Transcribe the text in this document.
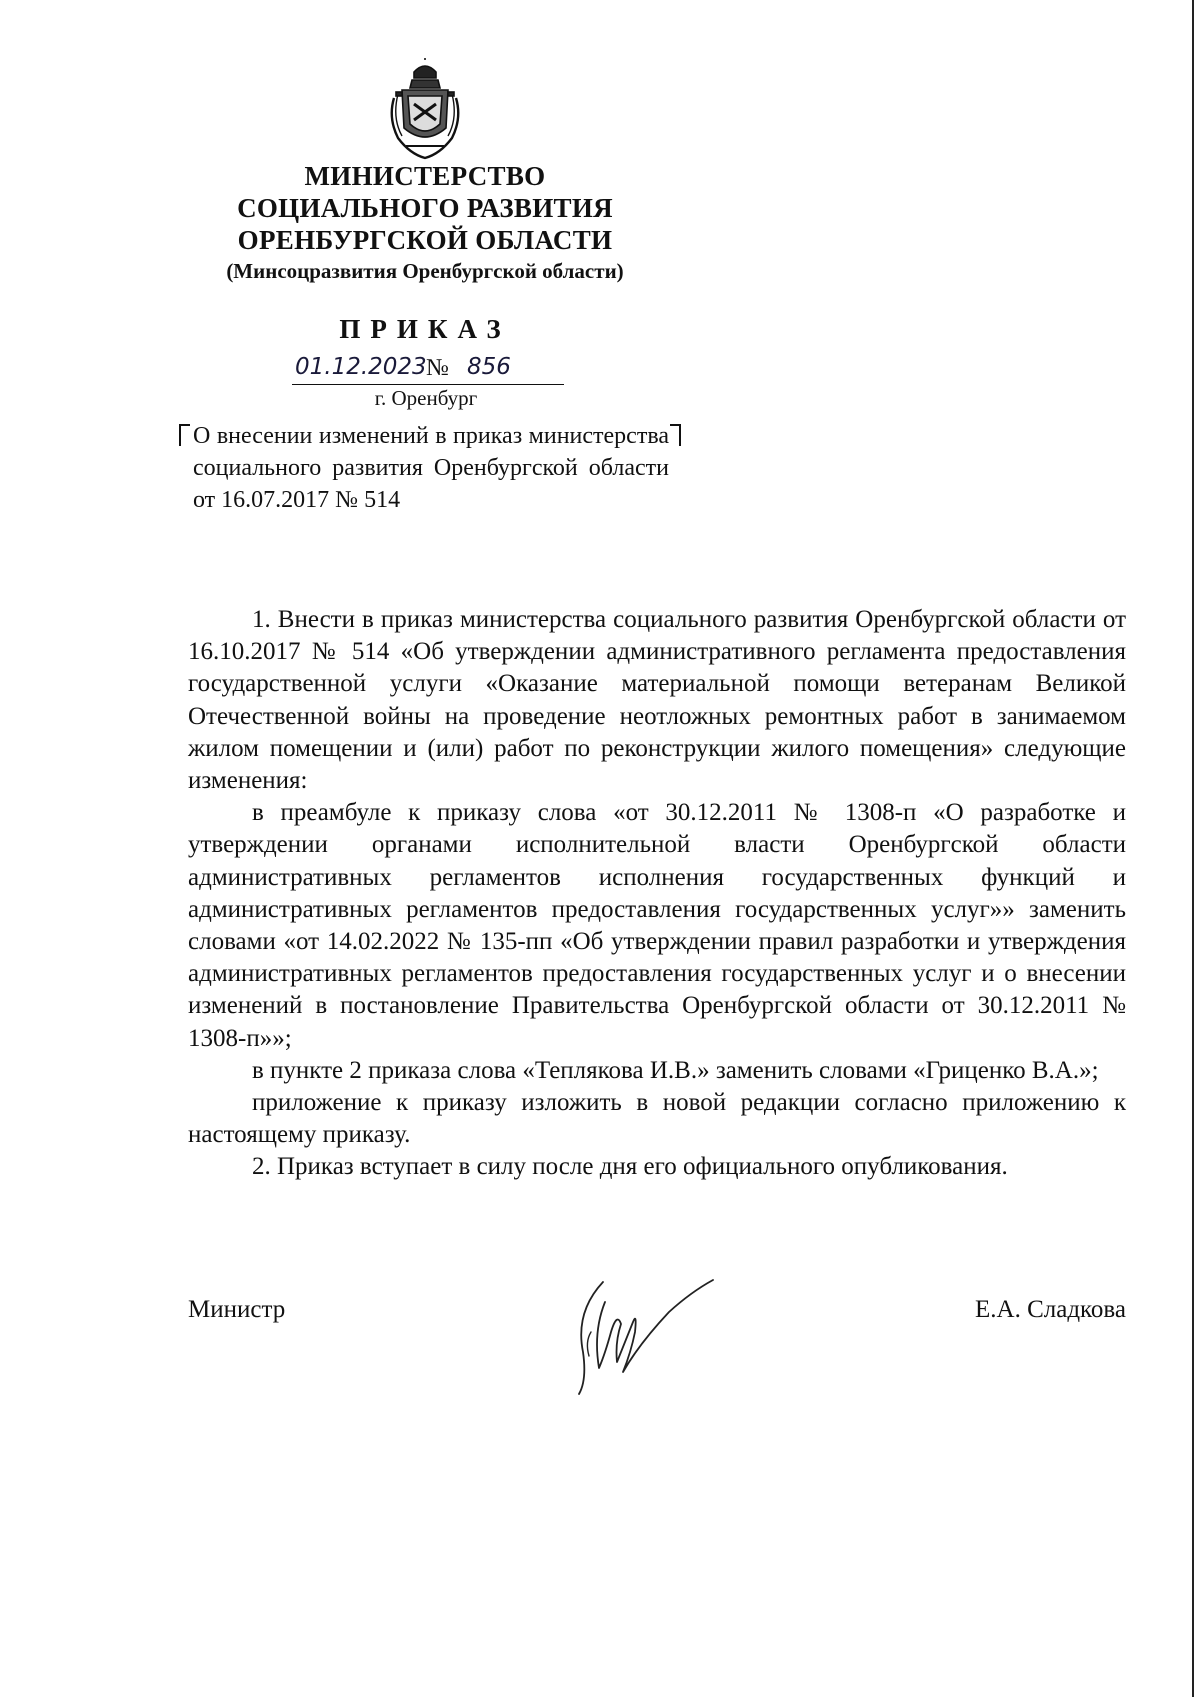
МИНИСТЕРСТВО
СОЦИАЛЬНОГО РАЗВИТИЯ
ОРЕНБУРГСКОЙ ОБЛАСТИ
(Минсоцразвития Оренбургской области)
ПРИКАЗ
01.12.2023 № 856
г. Оренбург
О внесении изменений в приказ министерства социального развития Оренбургской области от 16.07.2017 № 514

1. Внести в приказ министерства социального развития Оренбургской области от 16.10.2017 № 514 «Об утверждении административного регламента предоставления государственной услуги «Оказание материальной помощи ветеранам Великой Отечественной войны на проведение неотложных ремонтных работ в занимаемом жилом помещении и (или) работ по реконструкции жилого помещения» следующие изменения:

в преамбуле к приказу слова «от 30.12.2011 № 1308-п «О разработке и утверждении органами исполнительной власти Оренбургской области административных регламентов исполнения государственных функций и административных регламентов предоставления государственных услуг»» заменить словами «от 14.02.2022 № 135-пп «Об утверждении правил разработки и утверждения административных регламентов предоставления государственных услуг и о внесении изменений в постановление Правительства Оренбургской области от 30.12.2011 № 1308-п»»;

в пункте 2 приказа слова «Теплякова И.В.» заменить словами «Гриценко В.А.»;

приложение к приказу изложить в новой редакции согласно приложению к настоящему приказу.

2. Приказ вступает в силу после дня его официального опубликования.

Министр	Е.А. Сладкова
